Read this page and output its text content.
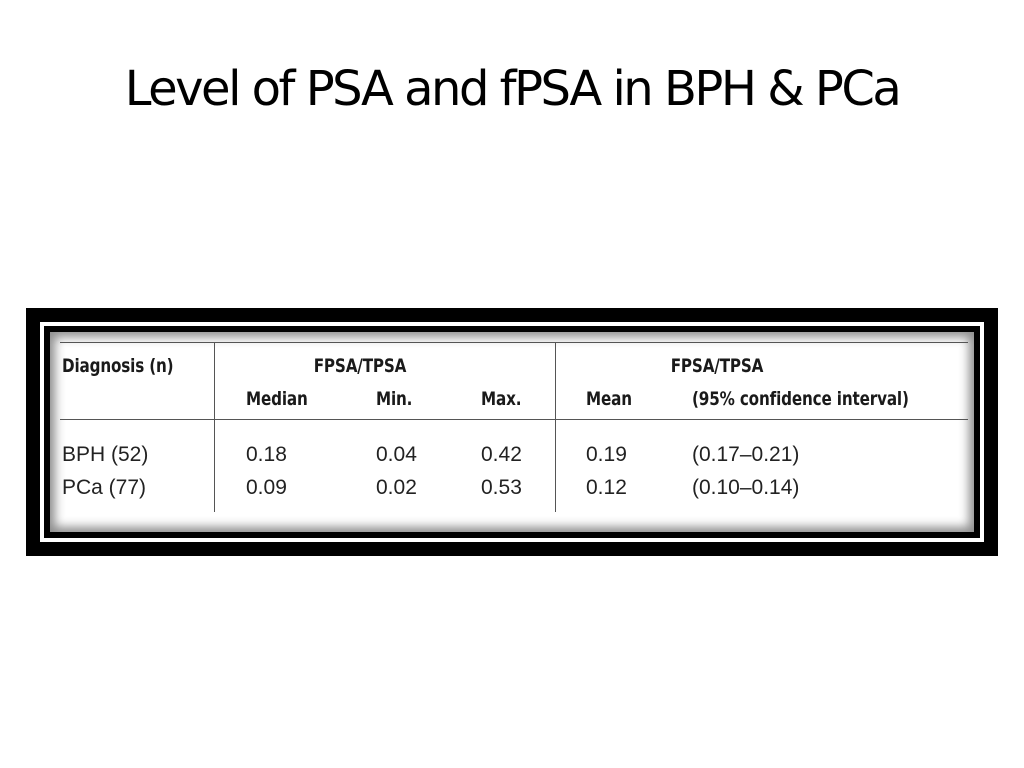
Level of PSA and fPSA in BPH & PCa
Diagnosis (n)	FPSA/TPSA	FPSA/TPSA
Median	Min.	Max.	Mean	(95% confidence interval)
BPH (52)	0.18	0.04	0.42	0.19	(0.17–0.21)
PCa (77)	0.09	0.02	0.53	0.12	(0.10–0.14)
